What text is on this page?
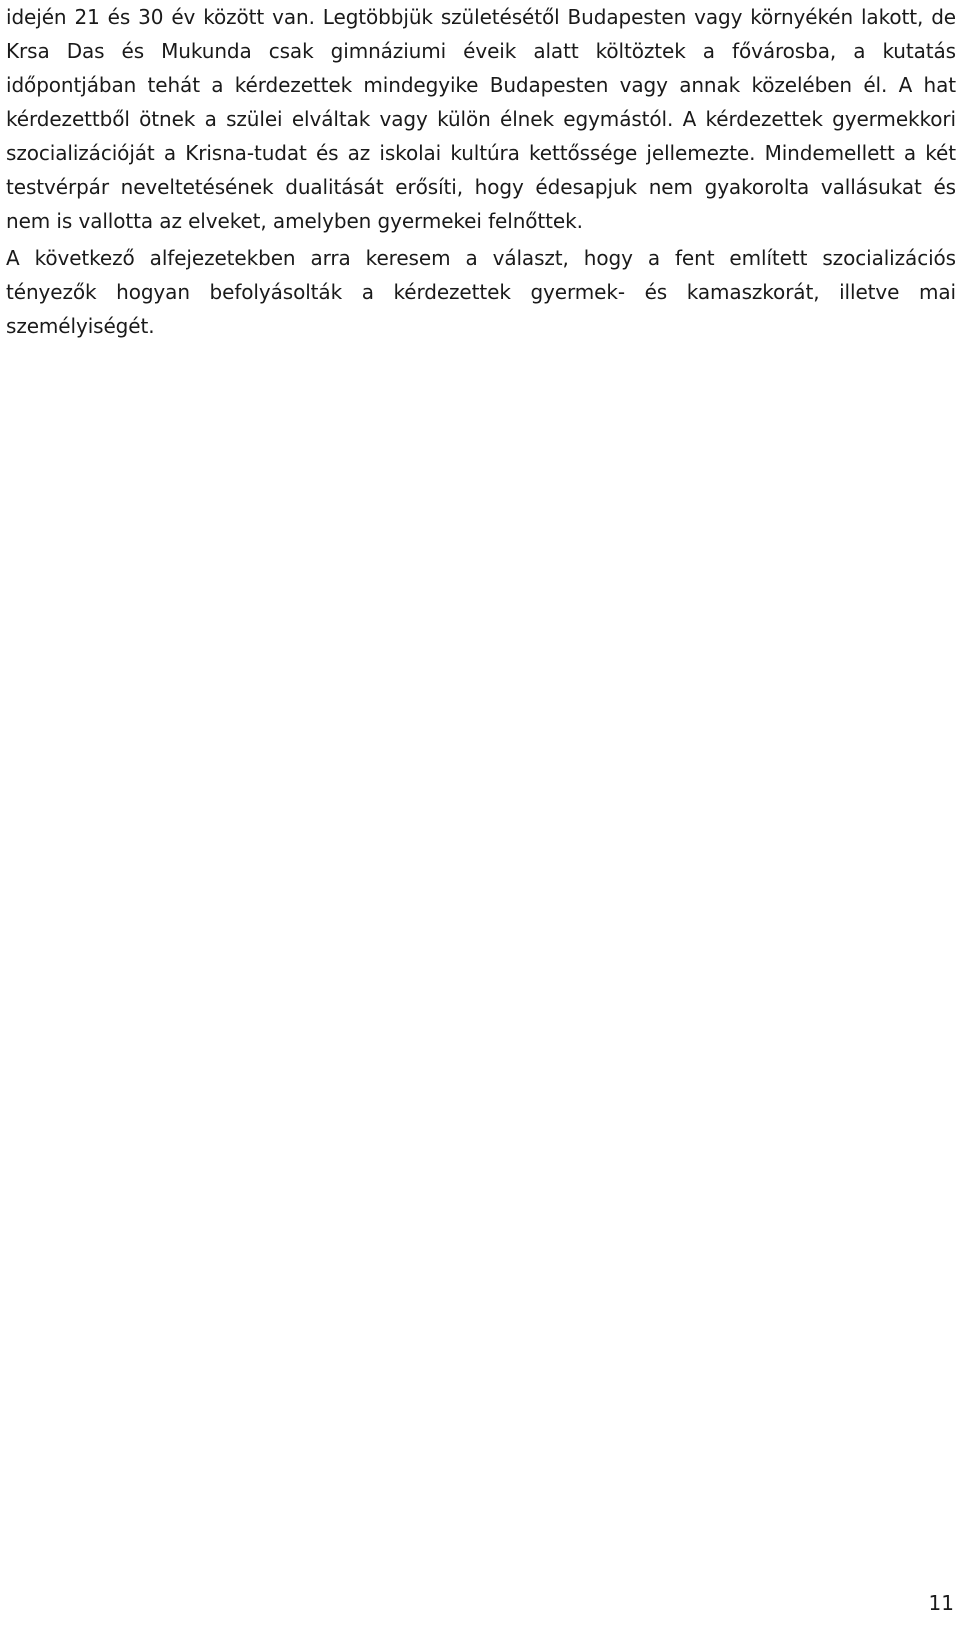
idején 21 és 30 év között van. Legtöbbjük születésétől Budapesten vagy környékén lakott, de Krsa Das és Mukunda csak gimnáziumi éveik alatt költöztek a fővárosba, a kutatás időpontjában tehát a kérdezettek mindegyike Budapesten vagy annak közelében él. A hat kérdezettből ötnek a szülei elváltak vagy külön élnek egymástól. A kérdezettek gyermekkori szocializációját a Krisna-tudat és az iskolai kultúra kettőssége jellemezte. Mindemellett a két testvérpár neveltetésének dualitását erősíti, hogy édesapjuk nem gyakorolta vallásukat és nem is vallotta az elveket, amelyben gyermekei felnőttek.

A következő alfejezetekben arra keresem a választ, hogy a fent említett szocializációs tényezők hogyan befolyásolták a kérdezettek gyermek- és kamaszkorát, illetve mai személyiségét.

11
